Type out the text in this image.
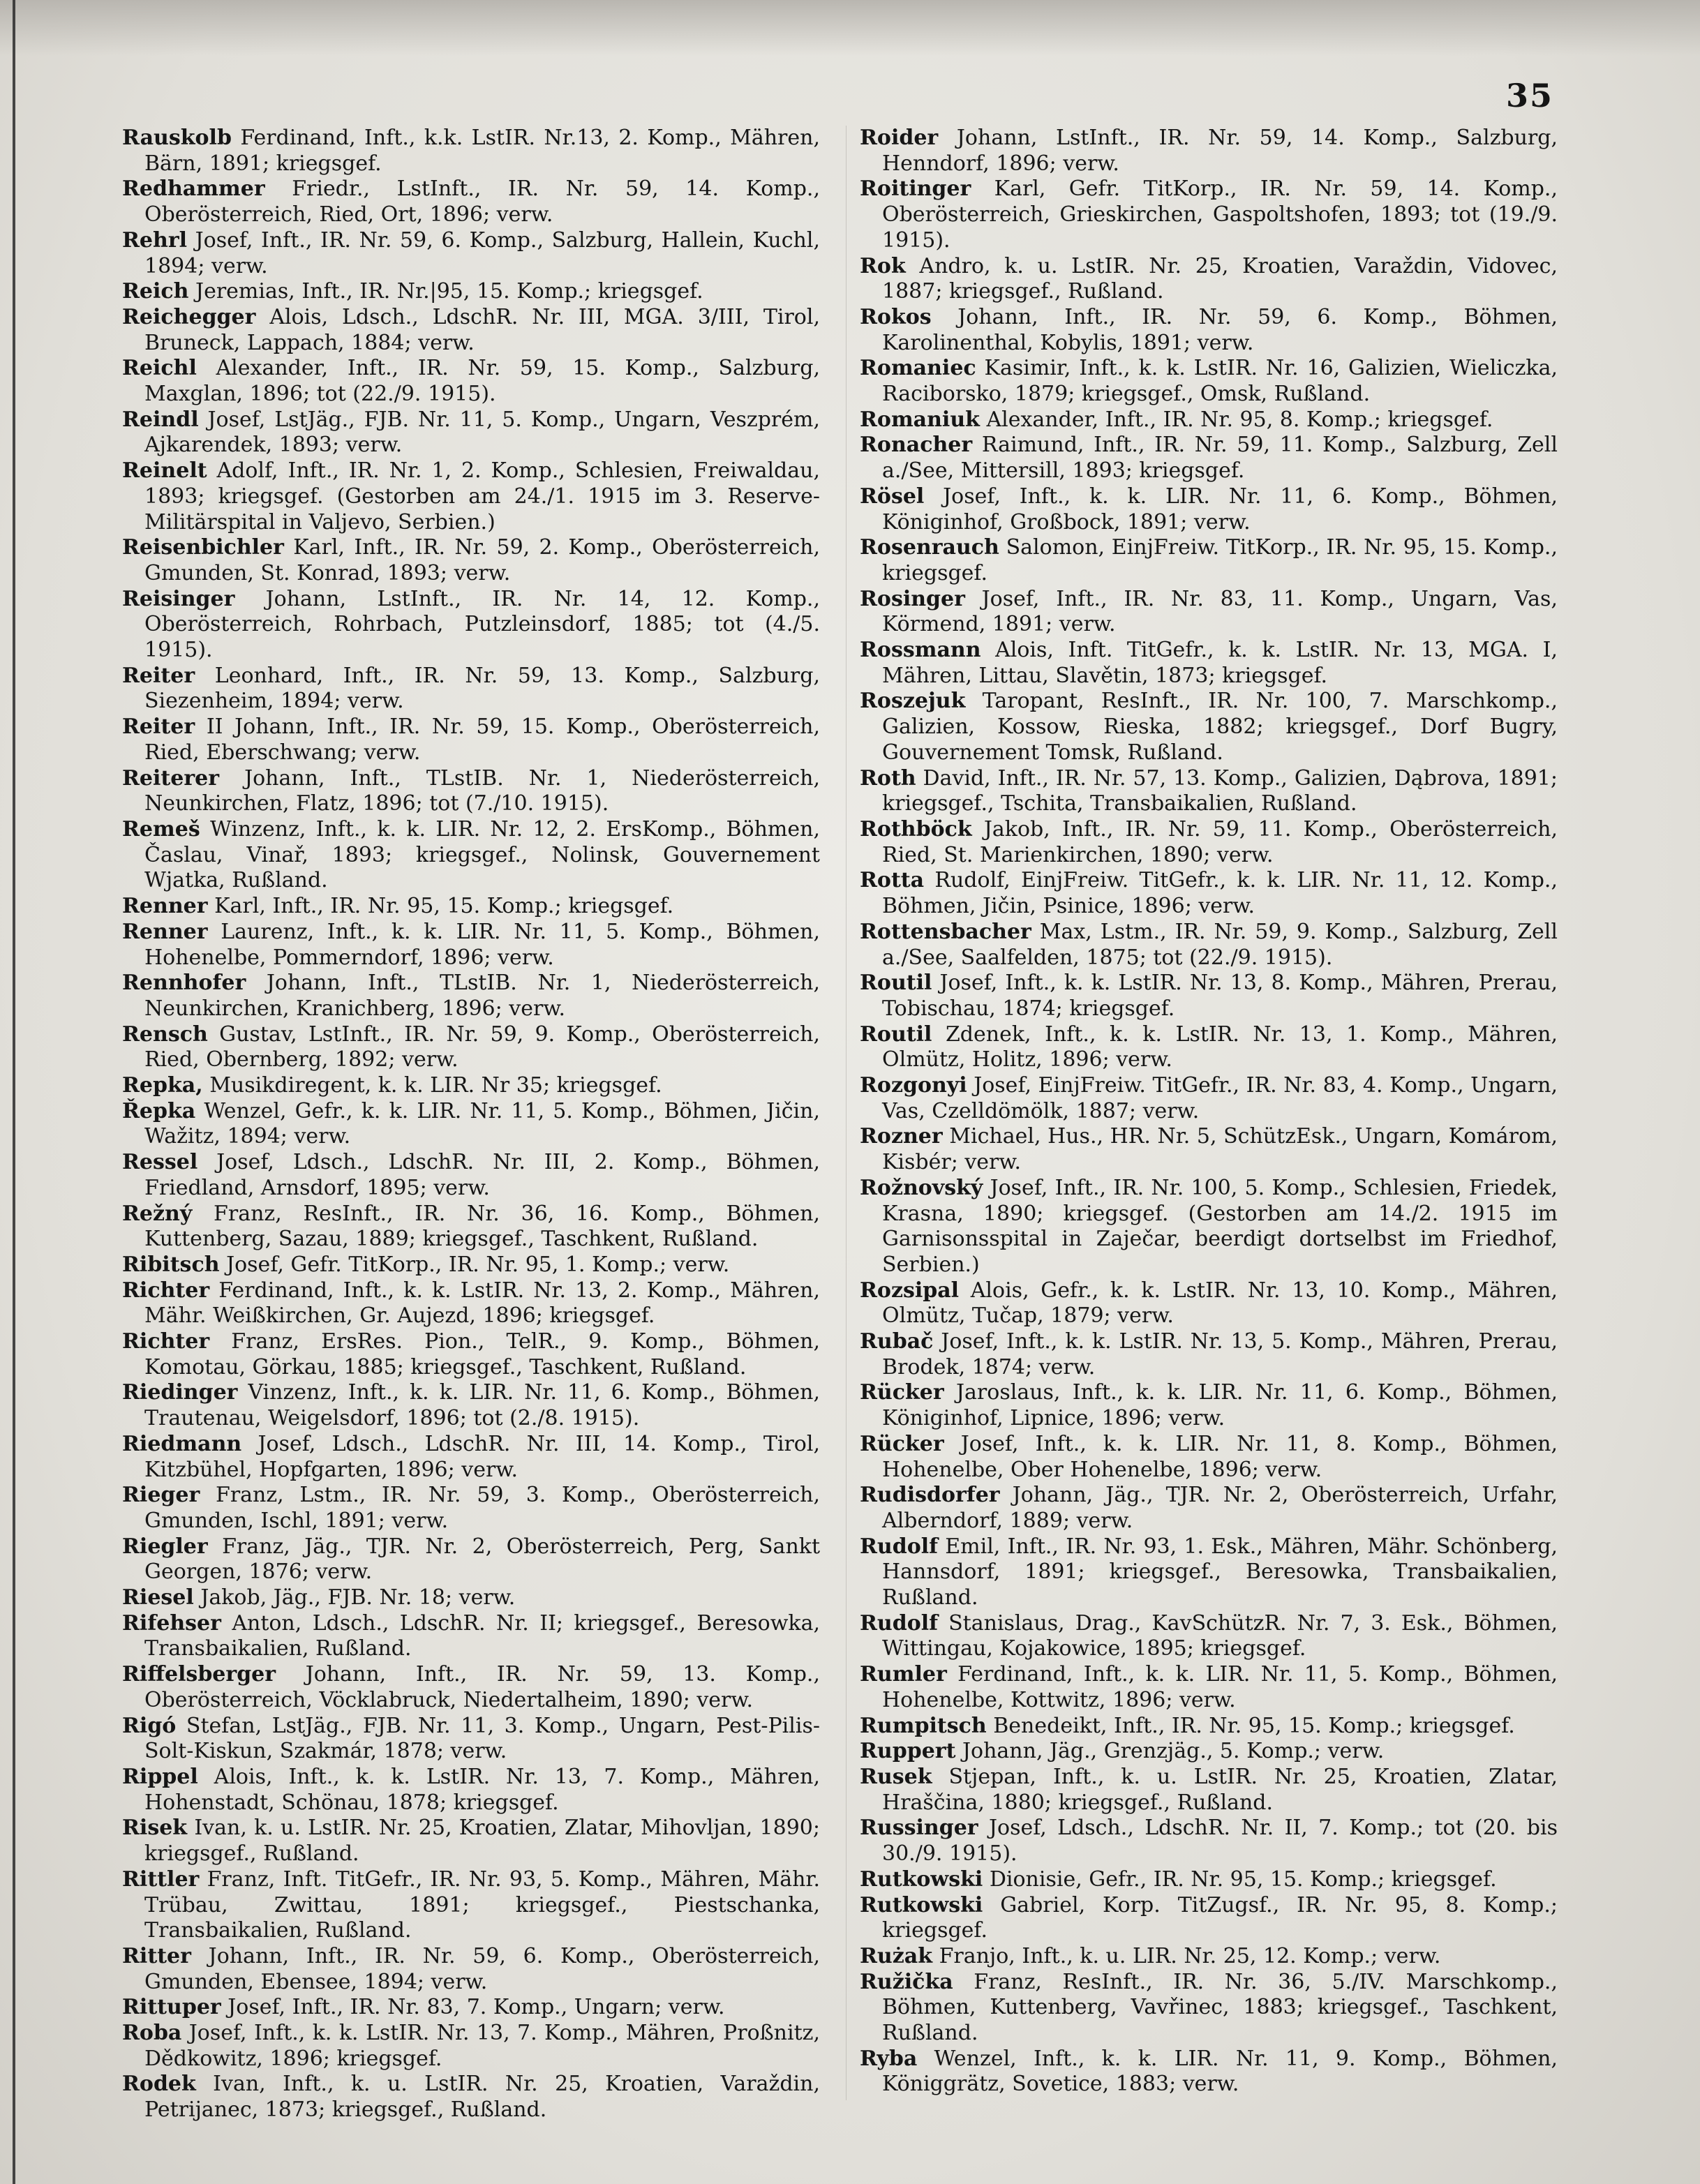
35
Rauskolb Ferdinand, Inft., k.k. LstIR. Nr.13, 2. Komp., Mähren, Bärn, 1891; kriegsgef.
Redhammer Friedr., LstInft., IR. Nr. 59, 14. Komp., Oberösterreich, Ried, Ort, 1896; verw.
Rehrl Josef, Inft., IR. Nr. 59, 6. Komp., Salzburg, Hallein, Kuchl, 1894; verw.
Reich Jeremias, Inft., IR. Nr.|95, 15. Komp.; kriegsgef.
Reichegger Alois, Ldsch., LdschR. Nr. III, MGA. 3/III, Tirol, Bruneck, Lappach, 1884; verw.
Reichl Alexander, Inft., IR. Nr. 59, 15. Komp., Salzburg, Maxglan, 1896; tot (22./9. 1915).
Reindl Josef, LstJäg., FJB. Nr. 11, 5. Komp., Ungarn, Veszprém, Ajkarendek, 1893; verw.
Reinelt Adolf, Inft., IR. Nr. 1, 2. Komp., Schlesien, Freiwaldau, 1893; kriegsgef. (Gestorben am 24./1. 1915 im 3. Reserve-Militärspital in Valjevo, Serbien.)
Reisenbichler Karl, Inft., IR. Nr. 59, 2. Komp., Oberösterreich, Gmunden, St. Konrad, 1893; verw.
Reisinger Johann, LstInft., IR. Nr. 14, 12. Komp., Oberösterreich, Rohrbach, Putzleinsdorf, 1885; tot (4./5. 1915).
Reiter Leonhard, Inft., IR. Nr. 59, 13. Komp., Salzburg, Siezenheim, 1894; verw.
Reiter II Johann, Inft., IR. Nr. 59, 15. Komp., Oberösterreich, Ried, Eberschwang; verw.
Reiterer Johann, Inft., TLstIB. Nr. 1, Niederösterreich, Neunkirchen, Flatz, 1896; tot (7./10. 1915).
Remeš Winzenz, Inft., k. k. LIR. Nr. 12, 2. ErsKomp., Böhmen, Časlau, Vinař, 1893; kriegsgef., Nolinsk, Gouvernement Wjatka, Rußland.
Renner Karl, Inft., IR. Nr. 95, 15. Komp.; kriegsgef.
Renner Laurenz, Inft., k. k. LIR. Nr. 11, 5. Komp., Böhmen, Hohenelbe, Pommerndorf, 1896; verw.
Rennhofer Johann, Inft., TLstIB. Nr. 1, Niederösterreich, Neunkirchen, Kranichberg, 1896; verw.
Rensch Gustav, LstInft., IR. Nr. 59, 9. Komp., Oberösterreich, Ried, Obernberg, 1892; verw.
Repka, Musikdiregent, k. k. LIR. Nr 35; kriegsgef.
Řepka Wenzel, Gefr., k. k. LIR. Nr. 11, 5. Komp., Böhmen, Jičin, Wažitz, 1894; verw.
Ressel Josef, Ldsch., LdschR. Nr. III, 2. Komp., Böhmen, Friedland, Arnsdorf, 1895; verw.
Režný Franz, ResInft., IR. Nr. 36, 16. Komp., Böhmen, Kuttenberg, Sazau, 1889; kriegsgef., Taschkent, Rußland.
Ribitsch Josef, Gefr. TitKorp., IR. Nr. 95, 1. Komp.; verw.
Richter Ferdinand, Inft., k. k. LstIR. Nr. 13, 2. Komp., Mähren, Mähr. Weißkirchen, Gr. Aujezd, 1896; kriegsgef.
Richter Franz, ErsRes. Pion., TelR., 9. Komp., Böhmen, Komotau, Görkau, 1885; kriegsgef., Taschkent, Rußland.
Riedinger Vinzenz, Inft., k. k. LIR. Nr. 11, 6. Komp., Böhmen, Trautenau, Weigelsdorf, 1896; tot (2./8. 1915).
Riedmann Josef, Ldsch., LdschR. Nr. III, 14. Komp., Tirol, Kitzbühel, Hopfgarten, 1896; verw.
Rieger Franz, Lstm., IR. Nr. 59, 3. Komp., Oberösterreich, Gmunden, Ischl, 1891; verw.
Riegler Franz, Jäg., TJR. Nr. 2, Oberösterreich, Perg, Sankt Georgen, 1876; verw.
Riesel Jakob, Jäg., FJB. Nr. 18; verw.
Rifehser Anton, Ldsch., LdschR. Nr. II; kriegsgef., Beresowka, Transbaikalien, Rußland.
Riffelsberger Johann, Inft., IR. Nr. 59, 13. Komp., Oberösterreich, Vöcklabruck, Niedertalheim, 1890; verw.
Rigó Stefan, LstJäg., FJB. Nr. 11, 3. Komp., Ungarn, Pest-Pilis-Solt-Kiskun, Szakmár, 1878; verw.
Rippel Alois, Inft., k. k. LstIR. Nr. 13, 7. Komp., Mähren, Hohenstadt, Schönau, 1878; kriegsgef.
Risek Ivan, k. u. LstIR. Nr. 25, Kroatien, Zlatar, Mihovljan, 1890; kriegsgef., Rußland.
Rittler Franz, Inft. TitGefr., IR. Nr. 93, 5. Komp., Mähren, Mähr. Trübau, Zwittau, 1891; kriegsgef., Piestschanka, Transbaikalien, Rußland.
Ritter Johann, Inft., IR. Nr. 59, 6. Komp., Oberösterreich, Gmunden, Ebensee, 1894; verw.
Rittuper Josef, Inft., IR. Nr. 83, 7. Komp., Ungarn; verw.
Roba Josef, Inft., k. k. LstIR. Nr. 13, 7. Komp., Mähren, Proßnitz, Dědkowitz, 1896; kriegsgef.
Rodek Ivan, Inft., k. u. LstIR. Nr. 25, Kroatien, Varaždin, Petrijanec, 1873; kriegsgef., Rußland.
Roider Johann, LstInft., IR. Nr. 59, 14. Komp., Salzburg, Henndorf, 1896; verw.
Roitinger Karl, Gefr. TitKorp., IR. Nr. 59, 14. Komp., Oberösterreich, Grieskirchen, Gaspoltshofen, 1893; tot (19./9. 1915).
Rok Andro, k. u. LstIR. Nr. 25, Kroatien, Varaždin, Vidovec, 1887; kriegsgef., Rußland.
Rokos Johann, Inft., IR. Nr. 59, 6. Komp., Böhmen, Karolinenthal, Kobylis, 1891; verw.
Romaniec Kasimir, Inft., k. k. LstIR. Nr. 16, Galizien, Wieliczka, Raciborsko, 1879; kriegsgef., Omsk, Rußland.
Romaniuk Alexander, Inft., IR. Nr. 95, 8. Komp.; kriegsgef.
Ronacher Raimund, Inft., IR. Nr. 59, 11. Komp., Salzburg, Zell a./See, Mittersill, 1893; kriegsgef.
Rösel Josef, Inft., k. k. LIR. Nr. 11, 6. Komp., Böhmen, Königinhof, Großbock, 1891; verw.
Rosenrauch Salomon, EinjFreiw. TitKorp., IR. Nr. 95, 15. Komp., kriegsgef.
Rosinger Josef, Inft., IR. Nr. 83, 11. Komp., Ungarn, Vas, Körmend, 1891; verw.
Rossmann Alois, Inft. TitGefr., k. k. LstIR. Nr. 13, MGA. I, Mähren, Littau, Slavětin, 1873; kriegsgef.
Roszejuk Taropant, ResInft., IR. Nr. 100, 7. Marschkomp., Galizien, Kossow, Rieska, 1882; kriegsgef., Dorf Bugry, Gouvernement Tomsk, Rußland.
Roth David, Inft., IR. Nr. 57, 13. Komp., Galizien, Dąbrova, 1891; kriegsgef., Tschita, Transbaikalien, Rußland.
Rothböck Jakob, Inft., IR. Nr. 59, 11. Komp., Oberösterreich, Ried, St. Marienkirchen, 1890; verw.
Rotta Rudolf, EinjFreiw. TitGefr., k. k. LIR. Nr. 11, 12. Komp., Böhmen, Jičin, Psinice, 1896; verw.
Rottensbacher Max, Lstm., IR. Nr. 59, 9. Komp., Salzburg, Zell a./See, Saalfelden, 1875; tot (22./9. 1915).
Routil Josef, Inft., k. k. LstIR. Nr. 13, 8. Komp., Mähren, Prerau, Tobischau, 1874; kriegsgef.
Routil Zdenek, Inft., k. k. LstIR. Nr. 13, 1. Komp., Mähren, Olmütz, Holitz, 1896; verw.
Rozgonyi Josef, EinjFreiw. TitGefr., IR. Nr. 83, 4. Komp., Ungarn, Vas, Czelldömölk, 1887; verw.
Rozner Michael, Hus., HR. Nr. 5, SchützEsk., Ungarn, Komárom, Kisbér; verw.
Rožnovský Josef, Inft., IR. Nr. 100, 5. Komp., Schlesien, Friedek, Krasna, 1890; kriegsgef. (Gestorben am 14./2. 1915 im Garnisonsspital in Zaječar, beerdigt dortselbst im Friedhof, Serbien.)
Rozsipal Alois, Gefr., k. k. LstIR. Nr. 13, 10. Komp., Mähren, Olmütz, Tučap, 1879; verw.
Rubač Josef, Inft., k. k. LstIR. Nr. 13, 5. Komp., Mähren, Prerau, Brodek, 1874; verw.
Rücker Jaroslaus, Inft., k. k. LIR. Nr. 11, 6. Komp., Böhmen, Königinhof, Lipnice, 1896; verw.
Rücker Josef, Inft., k. k. LIR. Nr. 11, 8. Komp., Böhmen, Hohenelbe, Ober Hohenelbe, 1896; verw.
Rudisdorfer Johann, Jäg., TJR. Nr. 2, Oberösterreich, Urfahr, Alberndorf, 1889; verw.
Rudolf Emil, Inft., IR. Nr. 93, 1. Esk., Mähren, Mähr. Schönberg, Hannsdorf, 1891; kriegsgef., Beresowka, Transbaikalien, Rußland.
Rudolf Stanislaus, Drag., KavSchützR. Nr. 7, 3. Esk., Böhmen, Wittingau, Kojakowice, 1895; kriegsgef.
Rumler Ferdinand, Inft., k. k. LIR. Nr. 11, 5. Komp., Böhmen, Hohenelbe, Kottwitz, 1896; verw.
Rumpitsch Benedeikt, Inft., IR. Nr. 95, 15. Komp.; kriegsgef.
Ruppert Johann, Jäg., Grenzjäg., 5. Komp.; verw.
Rusek Stjepan, Inft., k. u. LstIR. Nr. 25, Kroatien, Zlatar, Hraščina, 1880; kriegsgef., Rußland.
Russinger Josef, Ldsch., LdschR. Nr. II, 7. Komp.; tot (20. bis 30./9. 1915).
Rutkowski Dionisie, Gefr., IR. Nr. 95, 15. Komp.; kriegsgef.
Rutkowski Gabriel, Korp. TitZugsf., IR. Nr. 95, 8. Komp.; kriegsgef.
Rużak Franjo, Inft., k. u. LIR. Nr. 25, 12. Komp.; verw.
Ružička Franz, ResInft., IR. Nr. 36, 5./IV. Marschkomp., Böhmen, Kuttenberg, Vavřinec, 1883; kriegsgef., Taschkent, Rußland.
Ryba Wenzel, Inft., k. k. LIR. Nr. 11, 9. Komp., Böhmen, Königgrätz, Sovetice, 1883; verw.
